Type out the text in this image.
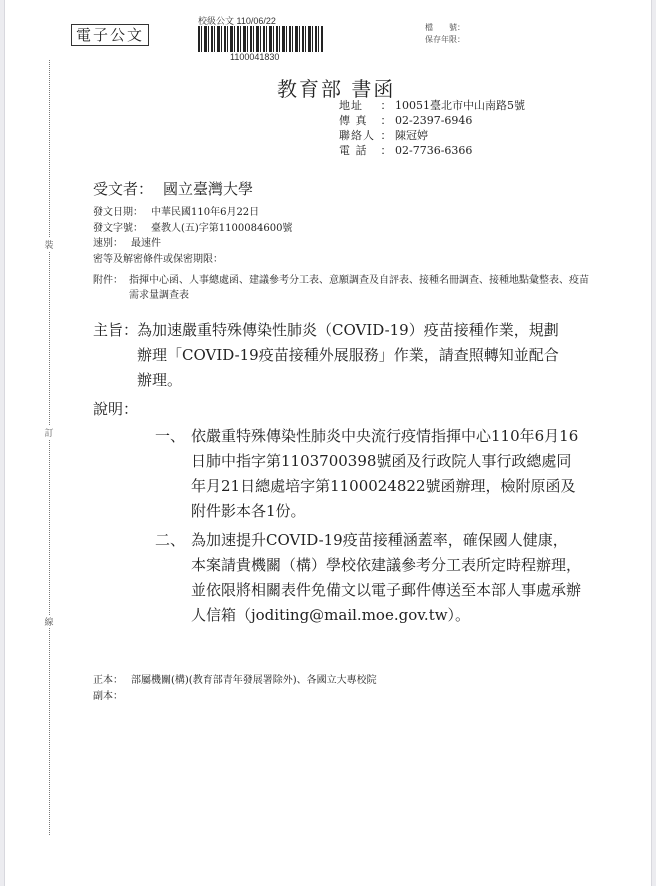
裝
訂
線
電子公文
校級公文 110/06/22
1100041830
檔　　號：
保存年限：
教育部 書函
地址 ： 10051臺北市中山南路5號
傳 真 ： 02-2397-6946
聯絡人 ： 陳冠婷
電 話 ： 02-7736-6366
受文者： 國立臺灣大學
發文日期： 中華民國110年6月22日
發文字號： 臺教人(五)字第1100084600號
速別： 最速件
密等及解密條件或保密期限：
附件： 指揮中心函、人事總處函、建議參考分工表、意願調查及自評表、接種名冊調查、接種地點彙整表、疫苗需求量調查表
主旨：
為加速嚴重特殊傳染性肺炎（COVID-19）疫苗接種作業，規劃辦理「COVID-19疫苗接種外展服務」作業，請查照轉知並配合辦理。
說明：
一、 依嚴重特殊傳染性肺炎中央流行疫情指揮中心110年6月16日肺中指字第1103700398號函及行政院人事行政總處同年月21日總處培字第1100024822號函辦理，檢附原函及附件影本各1份。
二、 為加速提升COVID-19疫苗接種涵蓋率，確保國人健康，本案請貴機關（構）學校依建議參考分工表所定時程辦理，並依限將相關表件免備文以電子郵件傳送至本部人事處承辦人信箱（joditing@mail.moe.gov.tw）。
正本： 部屬機關(構)(教育部青年發展署除外)、各國立大專校院
副本：
